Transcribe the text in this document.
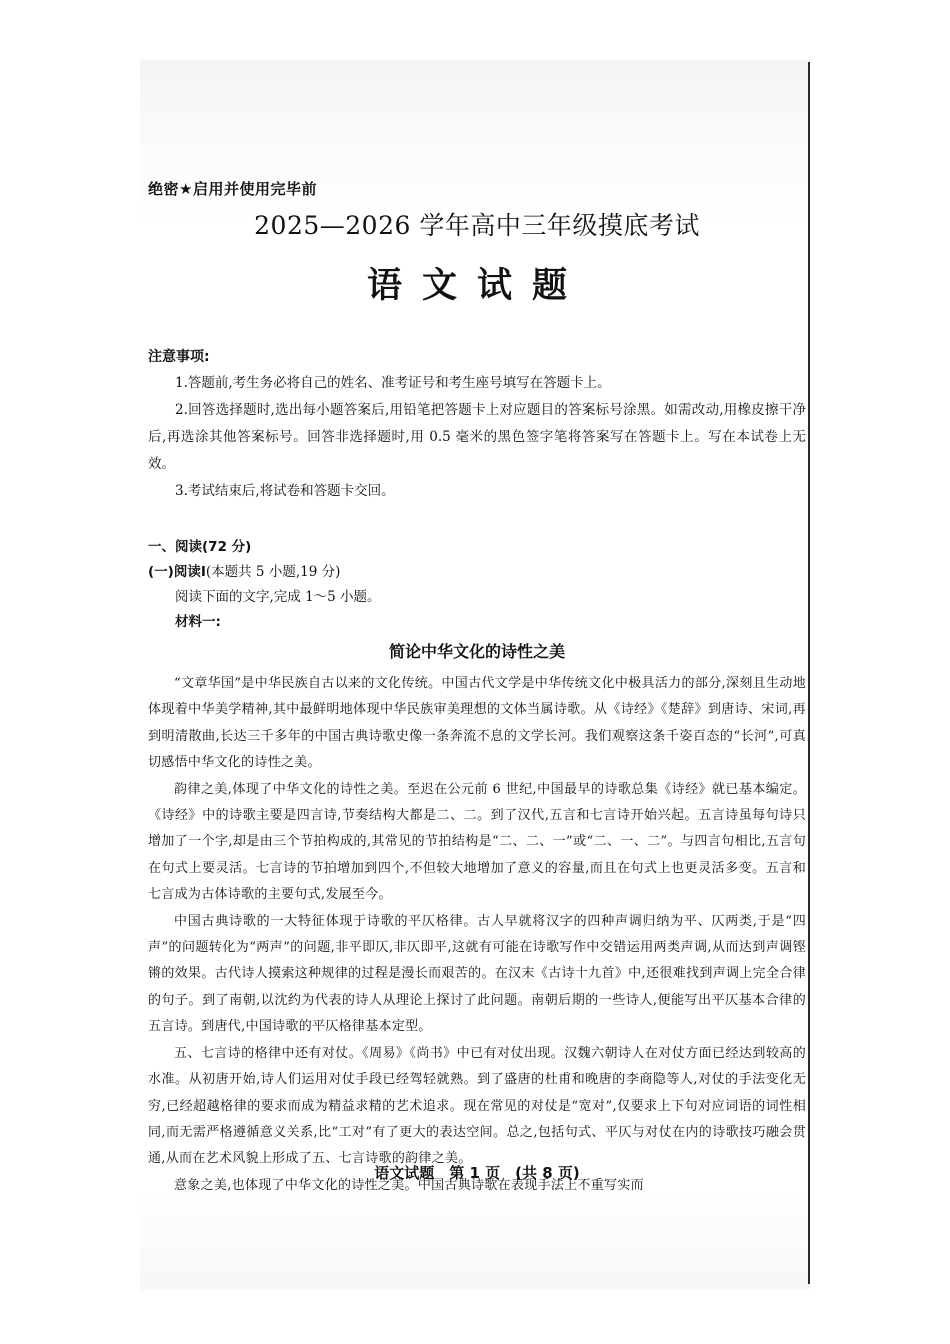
绝密★启用并使用完毕前
2025—2026 学年高中三年级摸底考试
语文试题
注意事项:

1.答题前,考生务必将自己的姓名、准考证号和考生座号填写在答题卡上。

2.回答选择题时,选出每小题答案后,用铅笔把答题卡上对应题目的答案标号涂黑。如需改动,用橡皮擦干净后,再选涂其他答案标号。回答非选择题时,用 0.5 毫米的黑色签字笔将答案写在答题卡上。写在本试卷上无效。

3.考试结束后,将试卷和答题卡交回。

一、阅读(72 分)
(一)阅读Ⅰ(本题共 5 小题,19 分)
阅读下面的文字,完成 1～5 小题。
材料一:
简论中华文化的诗性之美

“文章华国”是中华民族自古以来的文化传统。中国古代文学是中华传统文化中极具活力的部分,深刻且生动地体现着中华美学精神,其中最鲜明地体现中华民族审美理想的文体当属诗歌。从《诗经》《楚辞》到唐诗、宋词,再到明清散曲,长达三千多年的中国古典诗歌史像一条奔流不息的文学长河。我们观察这条千姿百态的“长河”,可真切感悟中华文化的诗性之美。

韵律之美,体现了中华文化的诗性之美。至迟在公元前 6 世纪,中国最早的诗歌总集《诗经》就已基本编定。《诗经》中的诗歌主要是四言诗,节奏结构大都是二、二。到了汉代,五言和七言诗开始兴起。五言诗虽每句诗只增加了一个字,却是由三个节拍构成的,其常见的节拍结构是“二、二、一”或“二、一、二”。与四言句相比,五言句在句式上要灵活。七言诗的节拍增加到四个,不但较大地增加了意义的容量,而且在句式上也更灵活多变。五言和七言成为古体诗歌的主要句式,发展至今。

中国古典诗歌的一大特征体现于诗歌的平仄格律。古人早就将汉字的四种声调归纳为平、仄两类,于是“四声”的问题转化为“两声”的问题,非平即仄,非仄即平,这就有可能在诗歌写作中交错运用两类声调,从而达到声调铿锵的效果。古代诗人摸索这种规律的过程是漫长而艰苦的。在汉末《古诗十九首》中,还很难找到声调上完全合律的句子。到了南朝,以沈约为代表的诗人从理论上探讨了此问题。南朝后期的一些诗人,便能写出平仄基本合律的五言诗。到唐代,中国诗歌的平仄格律基本定型。

五、七言诗的格律中还有对仗。《周易》《尚书》中已有对仗出现。汉魏六朝诗人在对仗方面已经达到较高的水准。从初唐开始,诗人们运用对仗手段已经驾轻就熟。到了盛唐的杜甫和晚唐的李商隐等人,对仗的手法变化无穷,已经超越格律的要求而成为精益求精的艺术追求。现在常见的对仗是“宽对”,仅要求上下句对应词语的词性相同,而无需严格遵循意义关系,比“工对”有了更大的表达空间。总之,包括句式、平仄与对仗在内的诗歌技巧融会贯通,从而在艺术风貌上形成了五、七言诗歌的韵律之美。

意象之美,也体现了中华文化的诗性之美。中国古典诗歌在表现手法上不重写实而

语文试题　第 1 页　(共 8 页)
